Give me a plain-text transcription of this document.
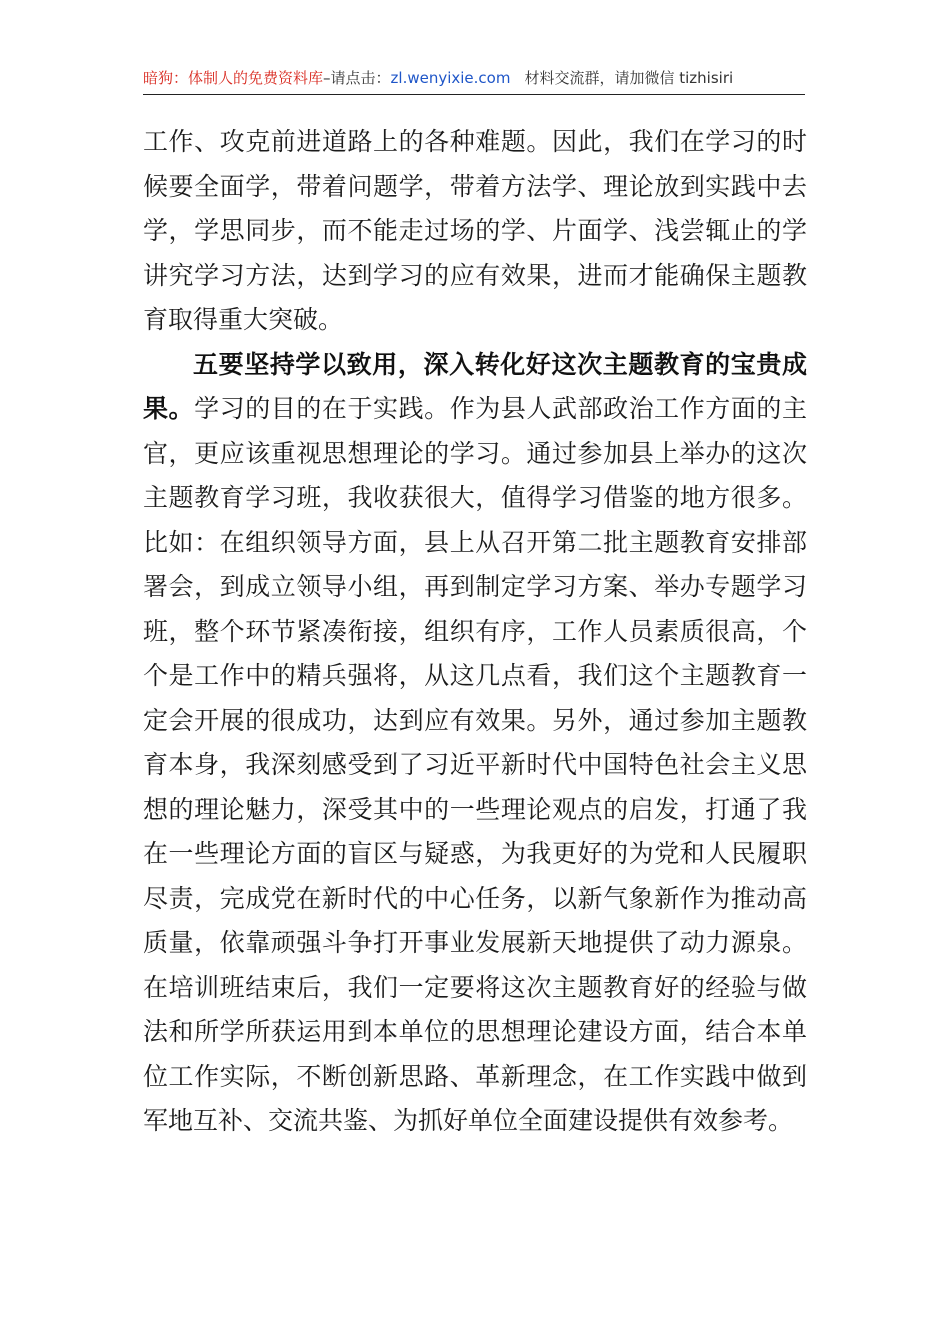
暗狗：体制人的免费资料库–请点击：zl.wenyixie.com 材料交流群，请加微信 tizhisiri
工作、攻克前进道路上的各种难题。因此，我们在学习的时
候要全面学，带着问题学，带着方法学、理论放到实践中去
学，学思同步，而不能走过场的学、片面学、浅尝辄止的学
讲究学习方法，达到学习的应有效果，进而才能确保主题教
育取得重大突破。
五要坚持学以致用，深入转化好这次主题教育的宝贵成
果。学习的目的在于实践。作为县人武部政治工作方面的主
官，更应该重视思想理论的学习。通过参加县上举办的这次
主题教育学习班，我收获很大，值得学习借鉴的地方很多。
比如：在组织领导方面，县上从召开第二批主题教育安排部
署会，到成立领导小组，再到制定学习方案、举办专题学习
班，整个环节紧凑衔接，组织有序，工作人员素质很高，个
个是工作中的精兵强将，从这几点看，我们这个主题教育一
定会开展的很成功，达到应有效果。另外，通过参加主题教
育本身，我深刻感受到了习近平新时代中国特色社会主义思
想的理论魅力，深受其中的一些理论观点的启发，打通了我
在一些理论方面的盲区与疑惑，为我更好的为党和人民履职
尽责，完成党在新时代的中心任务，以新气象新作为推动高
质量，依靠顽强斗争打开事业发展新天地提供了动力源泉。
在培训班结束后，我们一定要将这次主题教育好的经验与做
法和所学所获运用到本单位的思想理论建设方面，结合本单
位工作实际，不断创新思路、革新理念，在工作实践中做到
军地互补、交流共鉴、为抓好单位全面建设提供有效参考。
